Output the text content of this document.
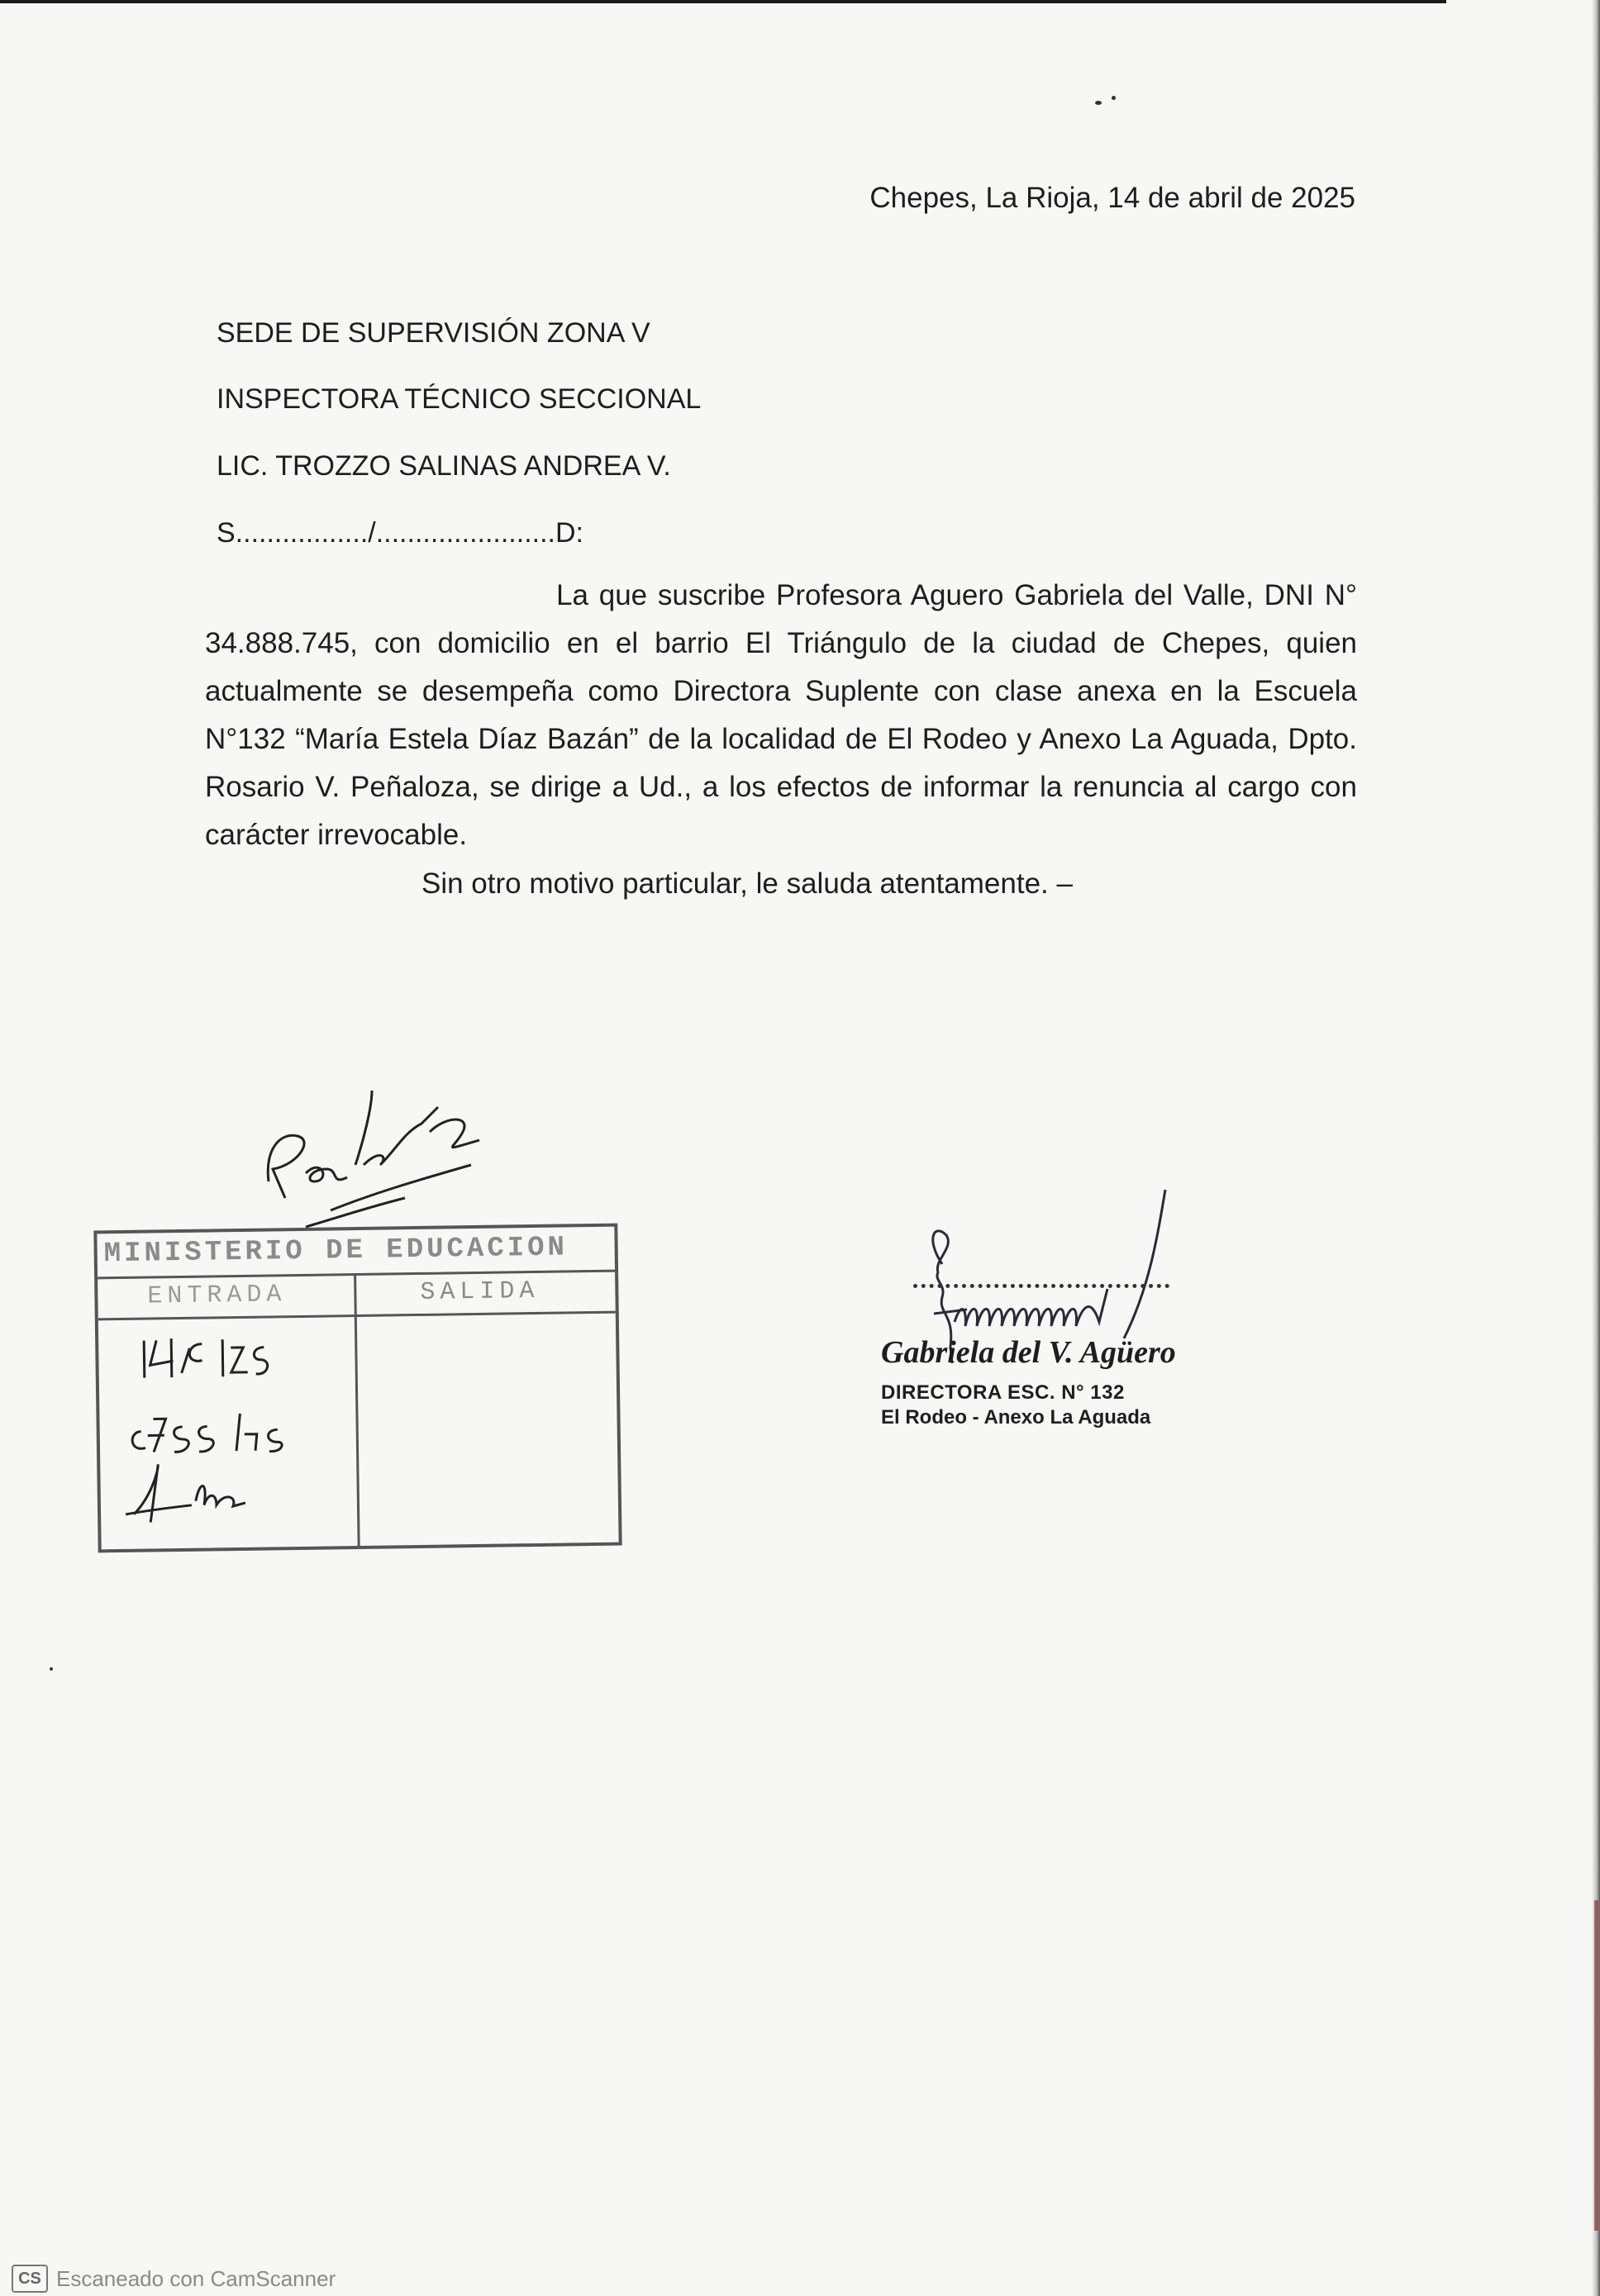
Chepes, La Rioja, 14 de abril de 2025
SEDE DE SUPERVISIÓN ZONA V
INSPECTORA TÉCNICO SECCIONAL
LIC. TROZZO SALINAS ANDREA V.
S................./.......................D:
La que suscribe Profesora Aguero Gabriela del Valle, DNI N° 34.888.745, con domicilio en el barrio El Triángulo de la ciudad de Chepes, quien actualmente se desempeña como Directora Suplente con clase anexa en la Escuela N°132 “María Estela Díaz Bazán” de la localidad de El Rodeo y Anexo La Aguada, Dpto. Rosario V. Peñaloza, se dirige a Ud., a los efectos de informar la renuncia al cargo con carácter irrevocable.
Sin otro motivo particular, le saluda atentamente. –
MINISTERIO DE EDUCACION
ENTRADA	SALIDA
Gabriela del V. Agüero
DIRECTORA ESC. N° 132
El Rodeo - Anexo La Aguada
CS Escaneado con CamScanner
